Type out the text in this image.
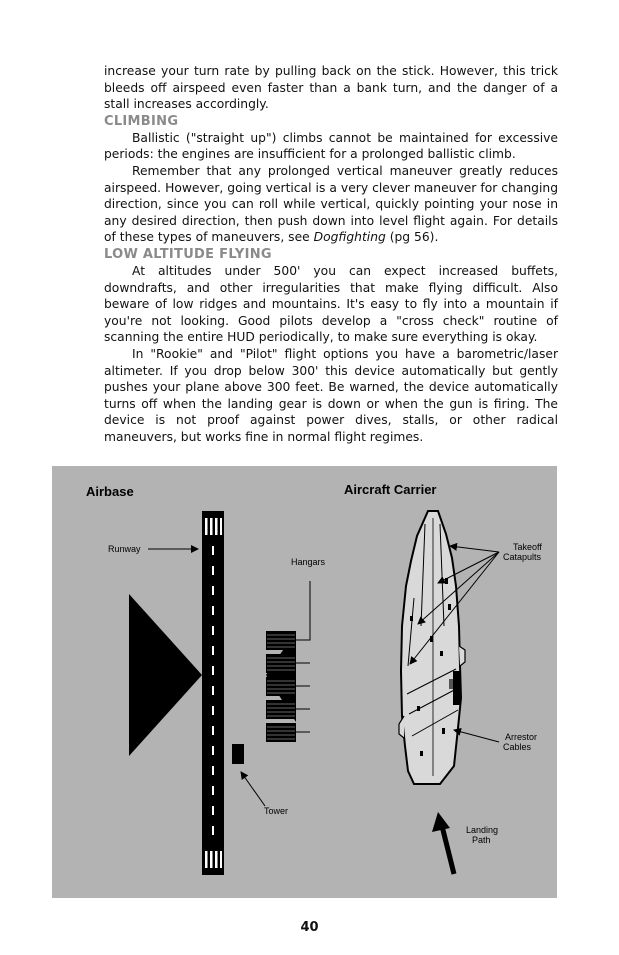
increase your turn rate by pulling back on the stick. However, this trick bleeds off airspeed even faster than a bank turn, and the danger of a stall increases accordingly.

CLIMBING

Ballistic ("straight up") climbs cannot be maintained for excessive periods: the engines are insufficient for a prolonged ballistic climb.

Remember that any prolonged vertical maneuver greatly reduces airspeed. However, going vertical is a very clever maneuver for changing direction, since you can roll while vertical, quickly pointing your nose in any desired direction, then push down into level flight again. For details of these types of maneuvers, see Dogfighting (pg 56).

LOW ALTITUDE FLYING

At altitudes under 500' you can expect increased buffets, downdrafts, and other irregularities that make flying difficult. Also beware of low ridges and mountains. It's easy to fly into a mountain if you're not looking. Good pilots develop a "cross check" routine of scanning the entire HUD periodically, to make sure everything is okay.

In "Rookie" and "Pilot" flight options you have a barometric/laser altimeter. If you drop below 300' this device automatically but gently pushes your plane above 300 feet. Be warned, the device automatically turns off when the landing gear is down or when the gun is firing. The device is not proof against power dives, stalls, or other radical maneuvers, but works fine in normal flight regimes.

Airbase	Aircraft Carrier
Hangars
Runway
Tower
Takeoff
Catapults
Arrestor
Cables
Landing
Path
40
